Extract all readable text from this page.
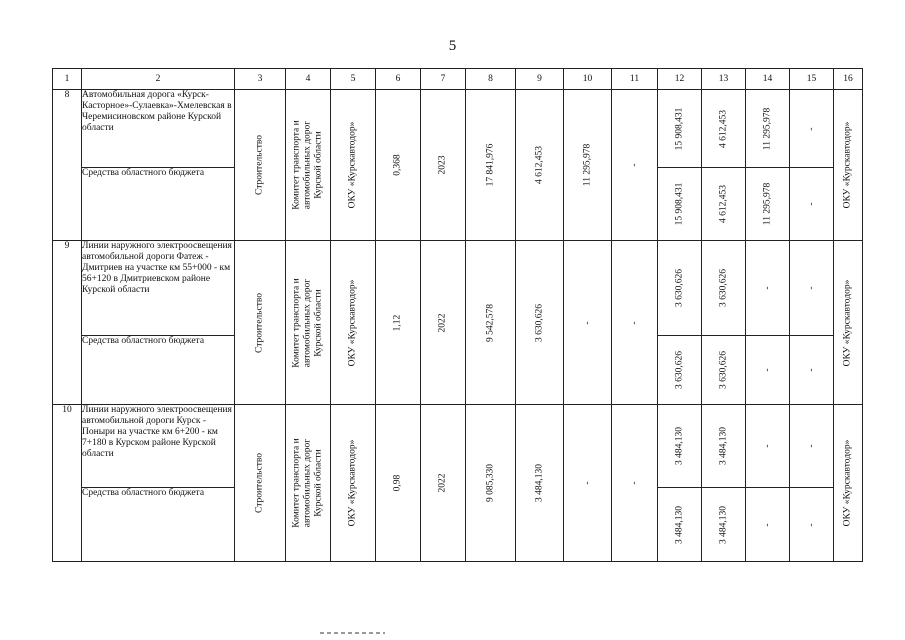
5
1	2	3	4	5	6	7	8	9	10	11	12	13	14	15	16
8	Автомобильная дорога «Курск-Касторное»-Сулаевка»-Хмелевская в Черемисиновском районе Курской области	Строительство	Комитет транспорта и автомобильных дорог Курской области	ОКУ «Курскавтодор»	0,368	2023	17 841,976	4 612,453	11 295,978	-	15 908,431	4 612,453	11 295,978	-	ОКУ «Курскавтодор»

	Средства областного бюджета										15 908,431	4 612,453	11 295,978	-	

9	Линии наружного электроосвещения автомобильной дороги Фатеж - Дмитриев на участке км 55+000 - км 56+120 в Дмитриевском районе Курской области	Строительство	Комитет транспорта и автомобильных дорог Курской области	ОКУ «Курскавтодор»	1,12	2022	9 542,578	3 630,626	-	-	3 630,626	3 630,626	-	-	ОКУ «Курскавтодор»

	Средства областного бюджета										3 630,626	3 630,626	-	-	

10	Линии наружного электроосвещения автомобильной дороги Курск - Поныри на участке км 6+200 - км 7+180 в Курском районе Курской области	Строительство	Комитет транспорта и автомобильных дорог Курской области	ОКУ «Курскавтодор»	0,98	2022	9 085,330	3 484,130	-	-	3 484,130	3 484,130	-	-	ОКУ «Курскавтодор»

	Средства областного бюджета										3 484,130	3 484,130	-	-	
